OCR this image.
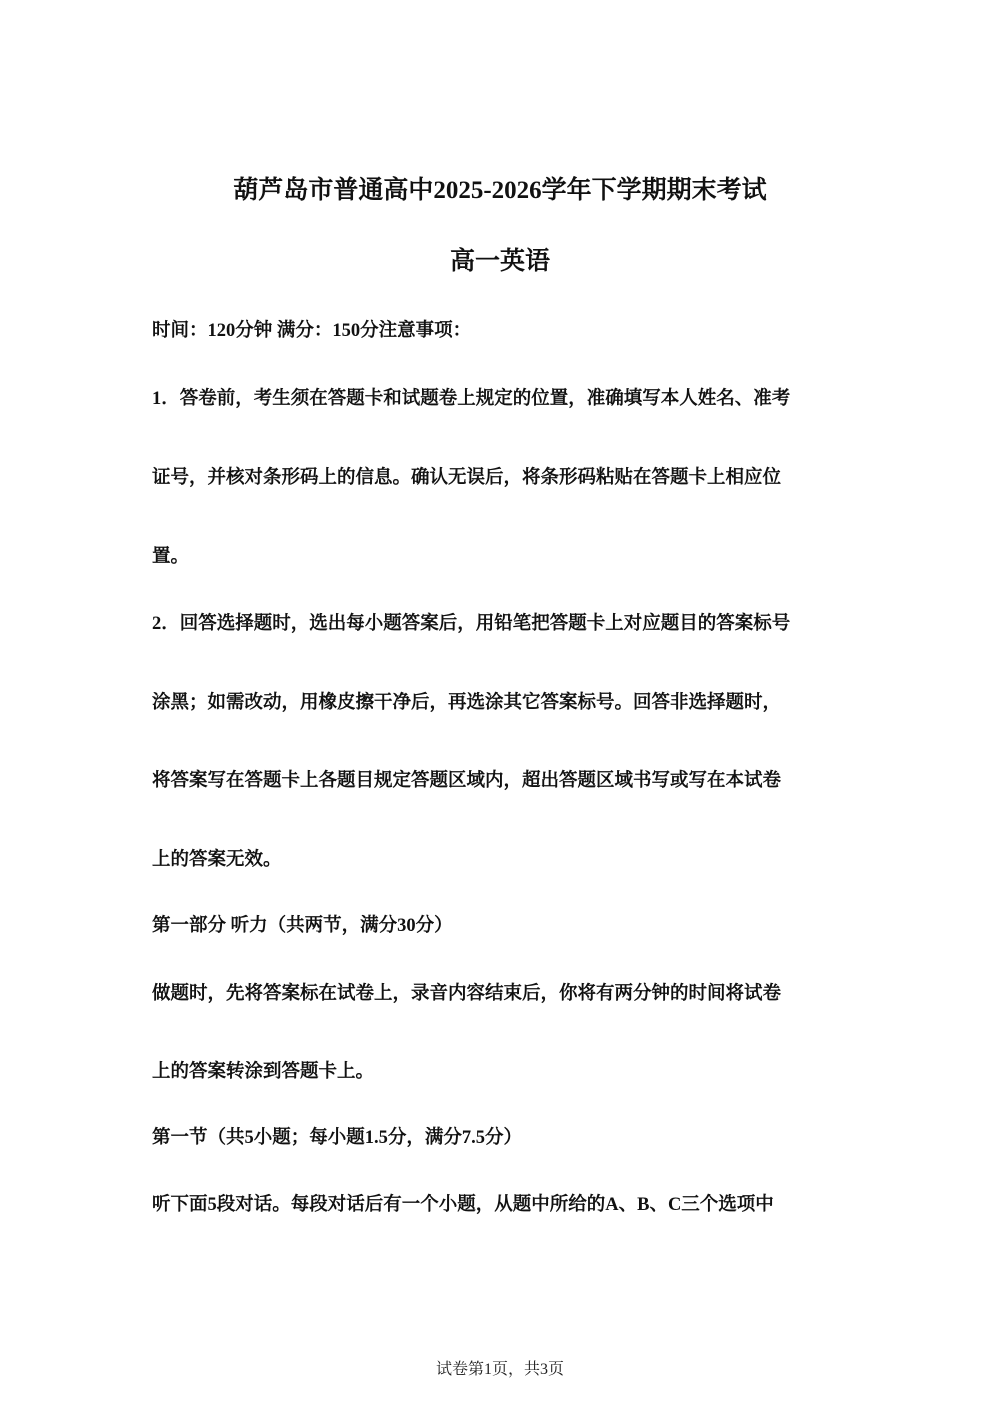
葫芦岛市普通高中2025-2026学年下学期期末考试
高一英语
时间：120分钟 满分：150分注意事项：
1．答卷前，考生须在答题卡和试题卷上规定的位置，准确填写本人姓名、准考
证号，并核对条形码上的信息。确认无误后，将条形码粘贴在答题卡上相应位
置。
2．回答选择题时，选出每小题答案后，用铅笔把答题卡上对应题目的答案标号
涂黑；如需改动，用橡皮擦干净后，再选涂其它答案标号。回答非选择题时，
将答案写在答题卡上各题目规定答题区域内，超出答题区域书写或写在本试卷
上的答案无效。
第一部分 听力（共两节，满分30分）
做题时，先将答案标在试卷上，录音内容结束后，你将有两分钟的时间将试卷
上的答案转涂到答题卡上。
第一节（共5小题；每小题1.5分，满分7.5分）
听下面5段对话。每段对话后有一个小题，从题中所给的A、B、C三个选项中
试卷第1页，共3页
